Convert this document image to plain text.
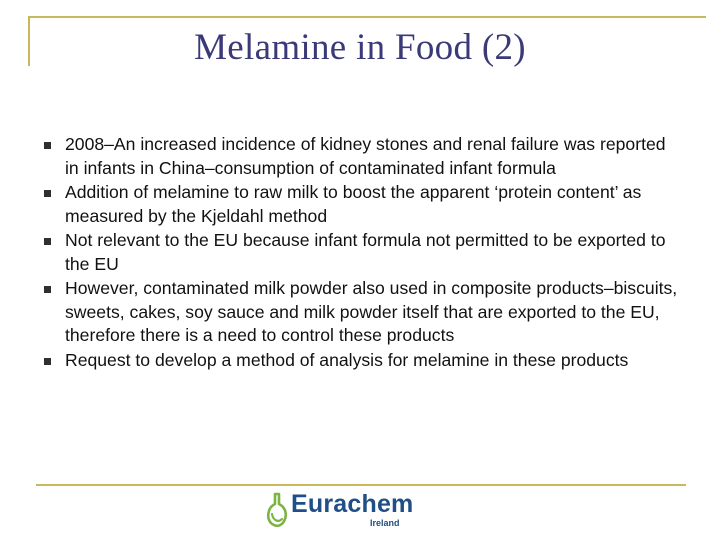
Melamine in Food (2)
2008–An increased incidence of kidney stones and renal failure was reported in infants in China–consumption of contaminated infant formula
Addition of melamine to raw milk to boost the apparent ‘protein content’ as measured by the Kjeldahl method
Not relevant to the EU because infant formula not permitted to be exported to the EU
However, contaminated milk powder also used in composite products–biscuits, sweets, cakes, soy sauce and milk powder itself that are exported to the EU, therefore there is a need to control these products
Request to develop a method of analysis for melamine in these products
Eurachem
Ireland
